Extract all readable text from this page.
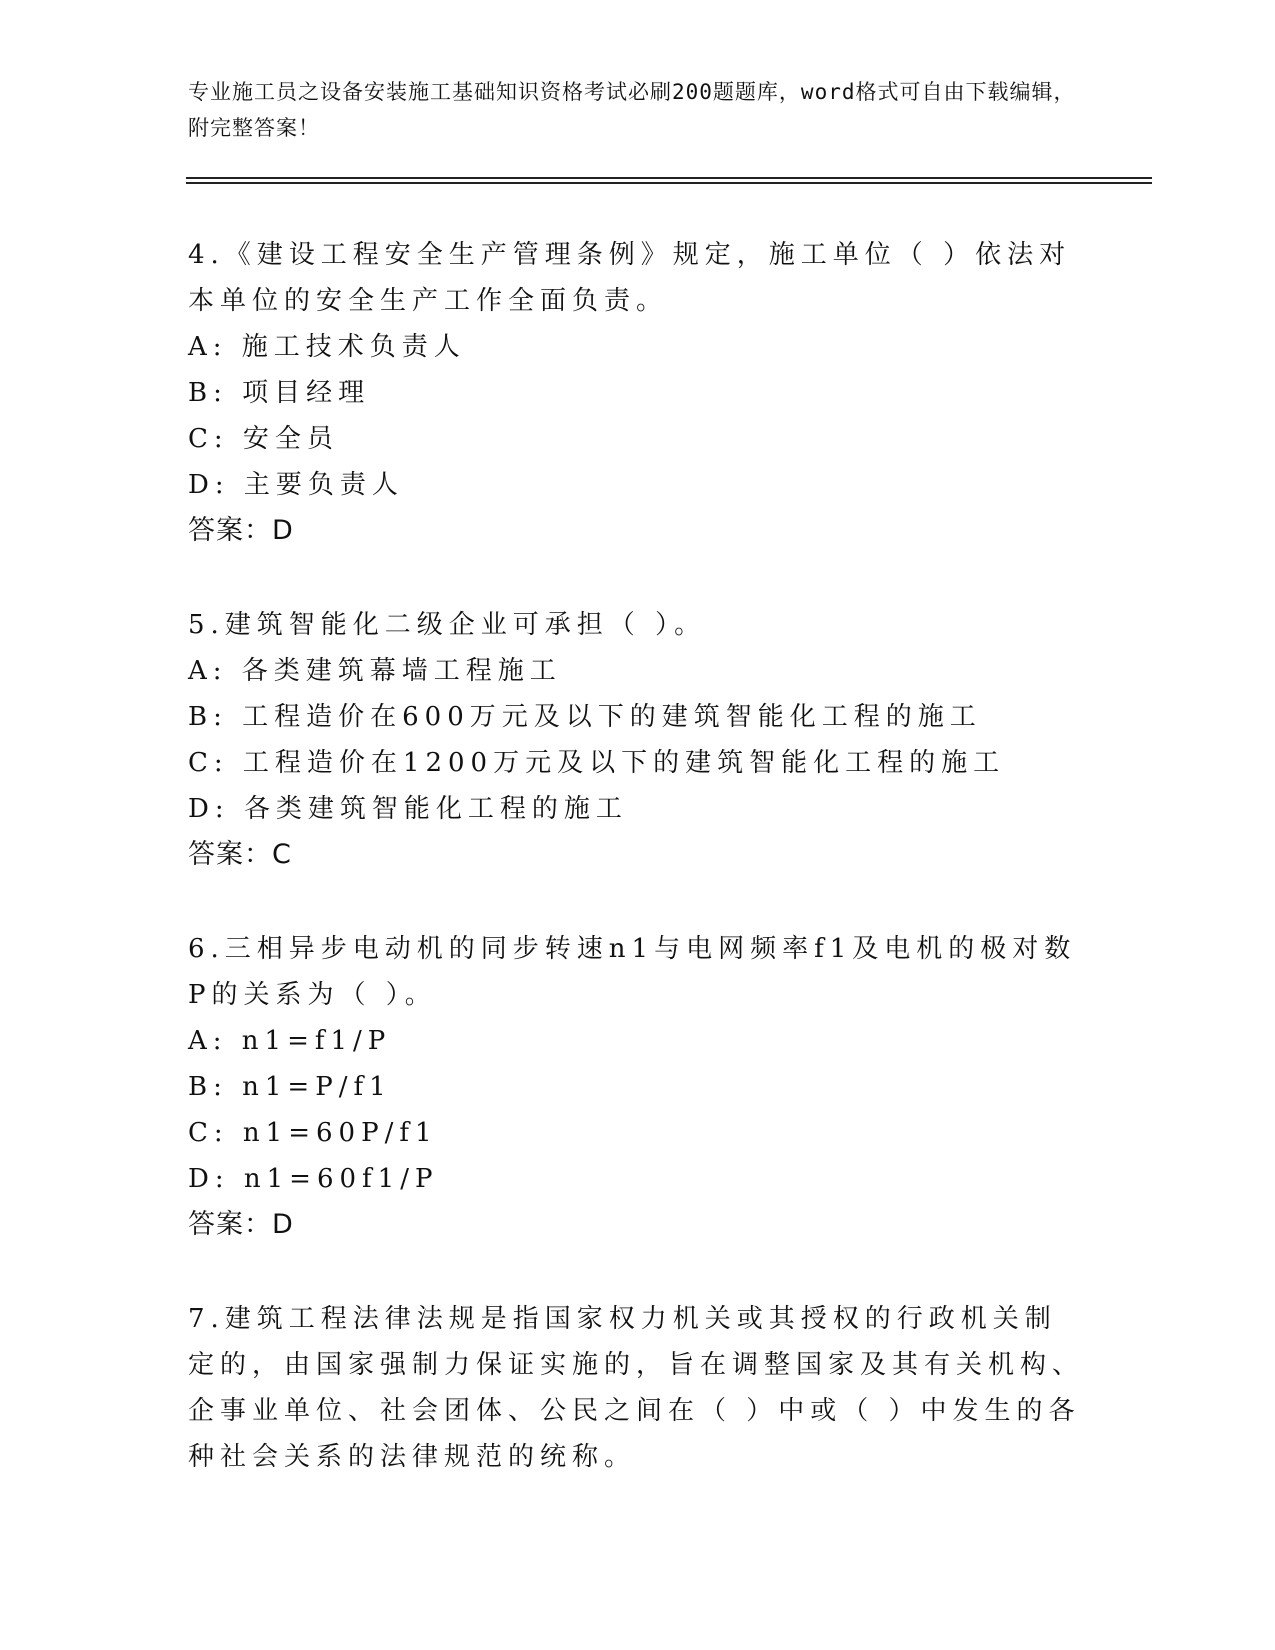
专业施工员之设备安装施工基础知识资格考试必刷200题题库，word格式可自由下载编辑，附完整答案！
4.《建设工程安全生产管理条例》规定，施工单位（ ）依法对本单位的安全生产工作全面负责。
A: 施工技术负责人
B: 项目经理
C: 安全员
D: 主要负责人
答案：D
5.建筑智能化二级企业可承担（ ）。
A: 各类建筑幕墙工程施工
B: 工程造价在600万元及以下的建筑智能化工程的施工
C: 工程造价在1200万元及以下的建筑智能化工程的施工
D: 各类建筑智能化工程的施工
答案：C
6.三相异步电动机的同步转速n1与电网频率f1及电机的极对数P的关系为（ ）。
A: n1=f1/P
B: n1=P/f1
C: n1=60P/f1
D: n1=60f1/P
答案：D
7.建筑工程法律法规是指国家权力机关或其授权的行政机关制定的，由国家强制力保证实施的，旨在调整国家及其有关机构、企事业单位、社会团体、公民之间在（ ）中或（ ）中发生的各种社会关系的法律规范的统称。
